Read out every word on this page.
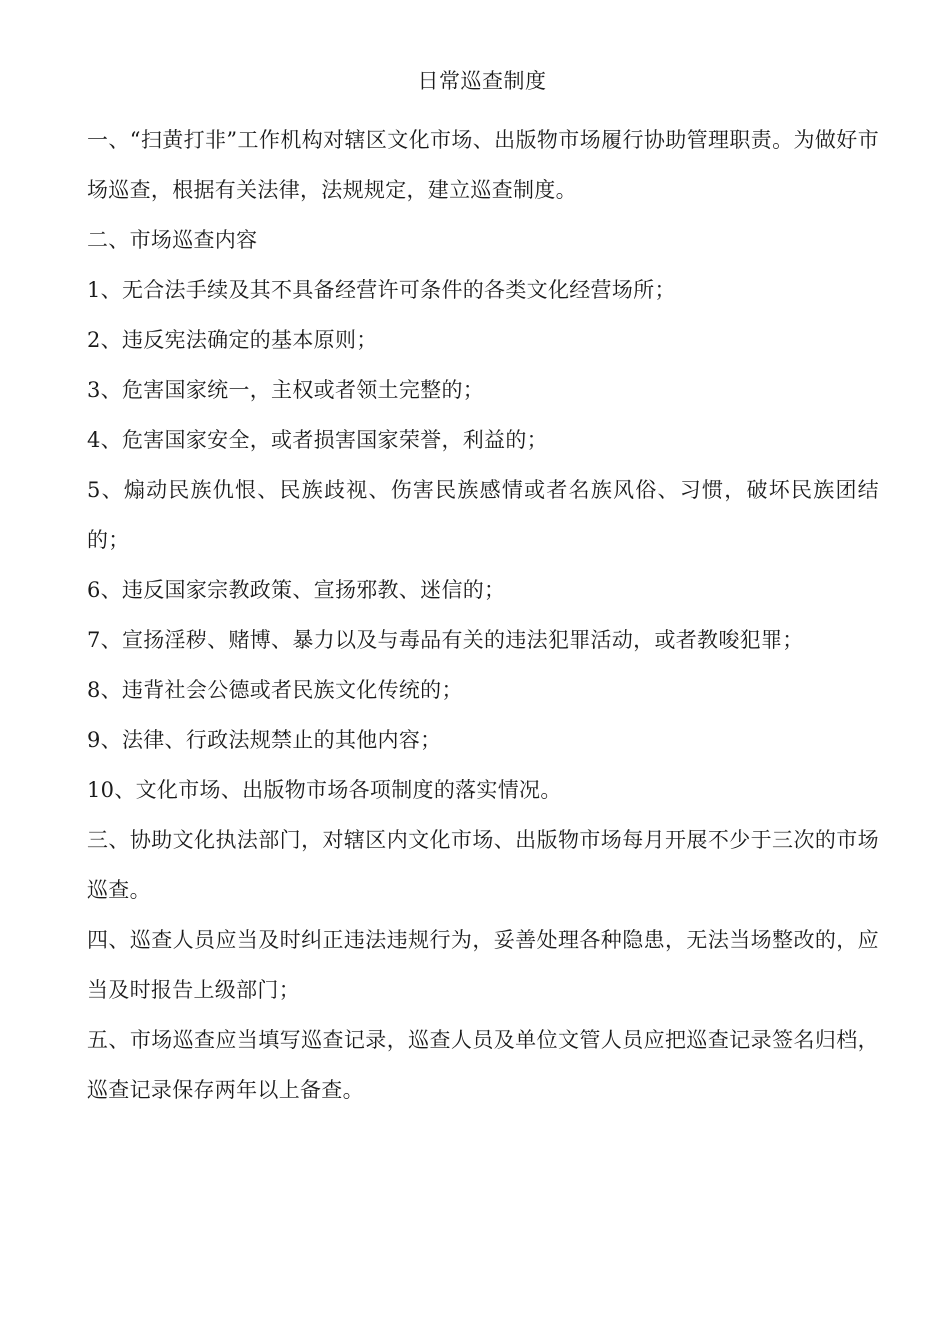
日常巡查制度

一、“扫黄打非”工作机构对辖区文化市场、出版物市场履行协助管理职责。为做好市场巡查，根据有关法律，法规规定，建立巡查制度。

二、市场巡查内容

1、无合法手续及其不具备经营许可条件的各类文化经营场所；

2、违反宪法确定的基本原则；

3、危害国家统一，主权或者领土完整的；

4、危害国家安全，或者损害国家荣誉，利益的；

5、煽动民族仇恨、民族歧视、伤害民族感情或者名族风俗、习惯，破坏民族团结的；

6、违反国家宗教政策、宣扬邪教、迷信的；

7、宣扬淫秽、赌博、暴力以及与毒品有关的违法犯罪活动，或者教唆犯罪；

8、违背社会公德或者民族文化传统的；

9、法律、行政法规禁止的其他内容；

10、文化市场、出版物市场各项制度的落实情况。

三、协助文化执法部门，对辖区内文化市场、出版物市场每月开展不少于三次的市场巡查。

四、巡查人员应当及时纠正违法违规行为，妥善处理各种隐患，无法当场整改的，应当及时报告上级部门；

五、市场巡查应当填写巡查记录，巡查人员及单位文管人员应把巡查记录签名归档，巡查记录保存两年以上备查。
